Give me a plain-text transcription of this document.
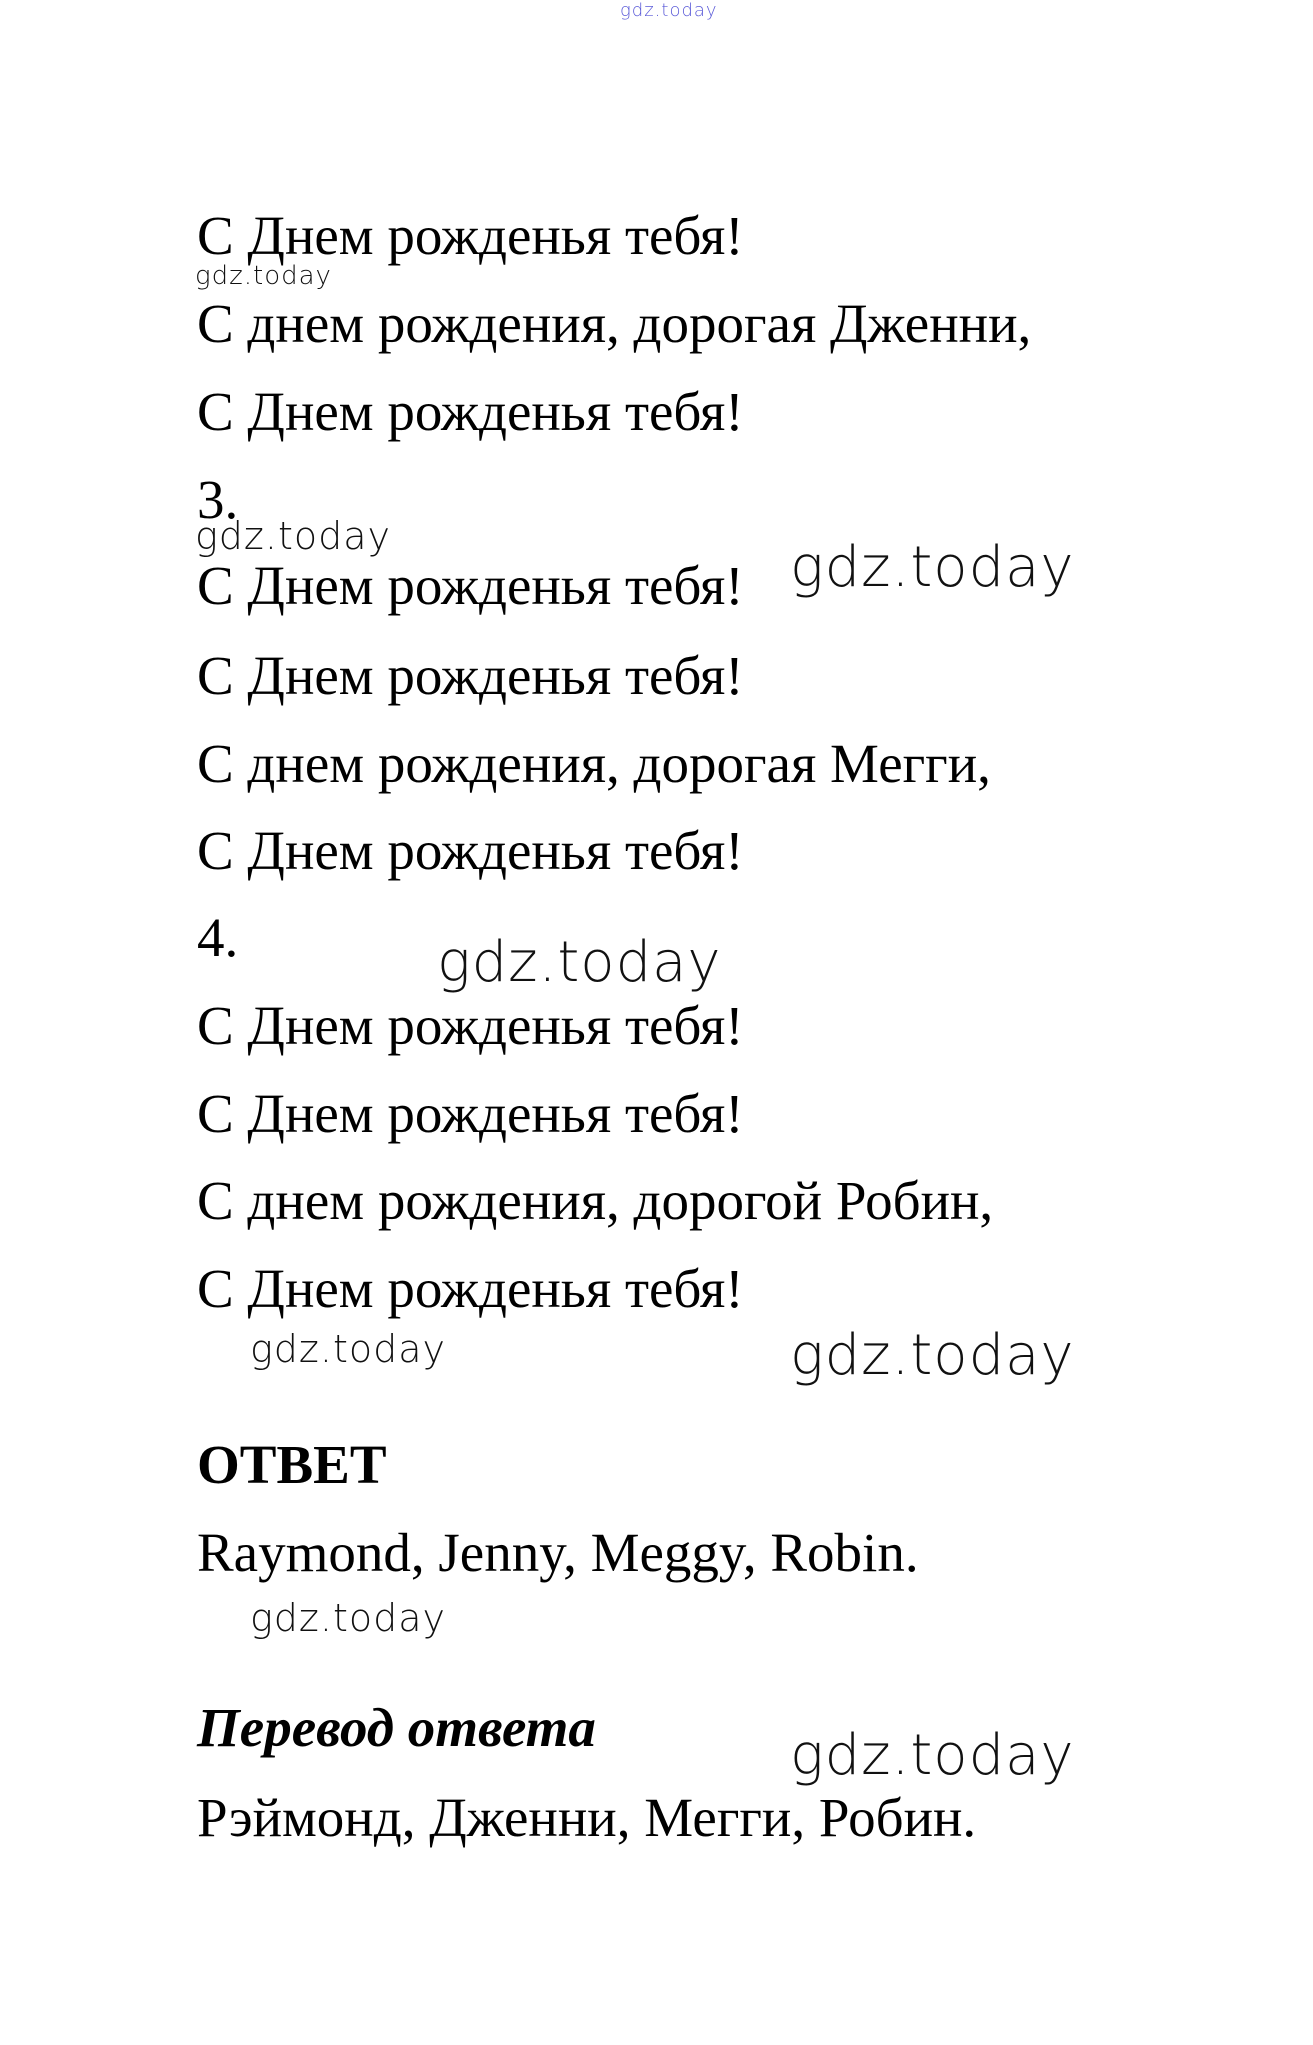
gdz.today
С Днем рожденья тебя!
gdz.today
С днем рождения, дорогая Дженни,
С Днем рожденья тебя!
3.
gdz.today
С Днем рожденья тебя! gdz.today
С Днем рожденья тебя!
С днем рождения, дорогая Мегги,
С Днем рожденья тебя!
4.	gdz.today
С Днем рожденья тебя!
С Днем рожденья тебя!
С днем рождения, дорогой Робин,
С Днем рожденья тебя!
gdz.today	gdz.today
ОТВЕТ
Raymond, Jenny, Meggy, Robin.
gdz.today
Перевод ответа	gdz.today
Рэймонд, Дженни, Мегги, Робин.
